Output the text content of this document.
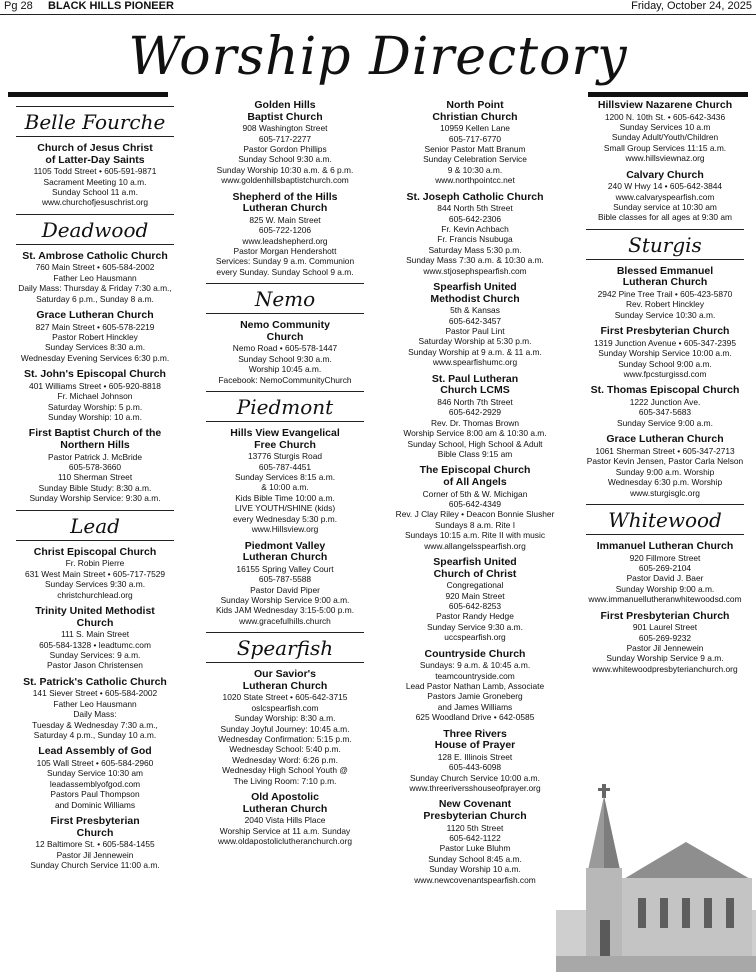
Pg 28 BLACK HILLS PIONEER	Friday, October 24, 2025
Worship Directory
Belle Fourche
Church of Jesus Christ
of Latter-Day Saints
1105 Todd Street • 605-591-9871
Sacrament Meeting 10 a.m.
Sunday School 11 a.m.
www.churchofjesuschrist.org
Deadwood
St. Ambrose Catholic Church
760 Main Street • 605-584-2002
Father Leo Hausmann
Daily Mass: Thursday & Friday 7:30 a.m.,
Saturday 6 p.m., Sunday 8 a.m.
Grace Lutheran Church
827 Main Street • 605-578-2219
Pastor Robert Hinckley
Sunday Services 8:30 a.m.
Wednesday Evening Services 6:30 p.m.
St. John's Episcopal Church
401 Williams Street • 605-920-8818
Fr. Michael Johnson
Saturday Worship: 5 p.m.
Sunday Worship: 10 a.m.
First Baptist Church of the
Northern Hills
Pastor Patrick J. McBride
605-578-3660
110 Sherman Street
Sunday Bible Study: 8:30 a.m.
Sunday Worship Service: 9:30 a.m.
Lead
Christ Episcopal Church
Fr. Robin Pierre
631 West Main Street • 605-717-7529
Sunday Services 9:30 a.m.
christchurchlead.org
Trinity United Methodist
Church
111 S. Main Street
605-584-1328 • leadtumc.com
Sunday Services: 9 a.m.
Pastor Jason Christensen
St. Patrick's Catholic Church
141 Siever Street • 605-584-2002
Father Leo Hausmann
Daily Mass:
Tuesday & Wednesday 7:30 a.m.,
Saturday 4 p.m., Sunday 10 a.m.
Lead Assembly of God
105 Wall Street • 605-584-2960
Sunday Service 10:30 am
leadassemblyofgod.com
Pastors Paul Thompson
and Dominic Williams
First Presbyterian
Church
12 Baltimore St. • 605-584-1455
Pastor Jil Jennewein
Sunday Church Service 11:00 a.m.
Golden Hills
Baptist Church
908 Washington Street
605-717-2277
Pastor Gordon Phillips
Sunday School 9:30 a.m.
Sunday Worship 10:30 a.m. & 6 p.m.
www.goldenhillsbaptistchurch.com
Shepherd of the Hills
Lutheran Church
825 W. Main Street
605-722-1206
www.leadshepherd.org
Pastor Morgan Hendershott
Services: Sunday 9 a.m. Communion
every Sunday. Sunday School 9 a.m.
Nemo
Nemo Community
Church
Nemo Road • 605-578-1447
Sunday School 9:30 a.m.
Worship 10:45 a.m.
Facebook: NemoCommunityChurch
Piedmont
Hills View Evangelical
Free Church
13776 Sturgis Road
605-787-4451
Sunday Services 8:15 a.m.
& 10:00 a.m.
Kids Bible Time 10:00 a.m.
LIVE YOUTH/SHINE (kids)
every Wednesday 5:30 p.m.
www.Hillsview.org
Piedmont Valley
Lutheran Church
16155 Spring Valley Court
605-787-5588
Pastor David Piper
Sunday Worship Service 9:00 a.m.
Kids JAM Wednesday 3:15-5:00 p.m.
www.gracefulhills.church
Spearfish
Our Savior's
Lutheran Church
1020 State Street • 605-642-3715
oslcspearfish.com
Sunday Worship: 8:30 a.m.
Sunday Joyful Journey: 10:45 a.m.
Wednesday Confirmation: 5:15 p.m.
Wednesday School: 5:40 p.m.
Wednesday Word: 6:26 p.m.
Wednesday High School Youth @
The Living Room: 7:10 p.m.
Old Apostolic
Lutheran Church
2040 Vista Hills Place
Worship Service at 11 a.m. Sunday
www.oldapostoliclutheranchurch.org
North Point
Christian Church
10959 Kellen Lane
605-717-6770
Senior Pastor Matt Branum
Sunday Celebration Service
9 & 10:30 a.m.
www.northpointcc.net
St. Joseph Catholic Church
844 North 5th Street
605-642-2306
Fr. Kevin Achbach
Fr. Francis Nsubuga
Saturday Mass 5:30 p.m.
Sunday Mass 7:30 a.m. & 10:30 a.m.
www.stjosephspearfish.com
Spearfish United
Methodist Church
5th & Kansas
605-642-3457
Pastor Paul Lint
Saturday Worship at 5:30 p.m.
Sunday Worship at 9 a.m. & 11 a.m.
www.spearfishumc.org
St. Paul Lutheran
Church LCMS
846 North 7th Street
605-642-2929
Rev. Dr. Thomas Brown
Worship Service 8:00 am & 10:30 a.m.
Sunday School, High School & Adult
Bible Class 9:15 am
The Episcopal Church
of All Angels
Corner of 5th & W. Michigan
605-642-4349
Rev. J Clay Riley • Deacon Bonnie Slusher
Sundays 8 a.m. Rite I
Sundays 10:15 a.m. Rite II with music
www.allangelsspearfish.org
Spearfish United
Church of Christ
Congregational
920 Main Street
605-642-8253
Pastor Randy Hedge
Sunday Service 9:30 a.m.
uccspearfish.org
Countryside Church
Sundays: 9 a.m. & 10:45 a.m.
teamcountryside.com
Lead Pastor Nathan Lamb, Associate
Pastors Jamie Groneberg
and James Williams
625 Woodland Drive • 642-0585
Three Rivers
House of Prayer
128 E. Illinois Street
605-443-6098
Sunday Church Service 10:00 a.m.
www.threeriversshouseofprayer.org
New Covenant
Presbyterian Church
1120 5th Street
605-642-1122
Pastor Luke Bluhm
Sunday School 8:45 a.m.
Sunday Worship 10 a.m.
www.newcovenantspearfish.com
Hillsview Nazarene Church
1200 N. 10th St. • 605-642-3436
Sunday Services 10 a.m
Sunday Adult/Youth/Children
Small Group Services 11:15 a.m.
www.hillsviewnaz.org
Calvary Church
240 W Hwy 14 • 605-642-3844
www.calvaryspearfish.com
Sunday service at 10:30 am
Bible classes for all ages at 9:30 am
Sturgis
Blessed Emmanuel
Lutheran Church
2942 Pine Tree Trail • 605-423-5870
Rev. Robert Hinckley
Sunday Service 10:30 a.m.
First Presbyterian Church
1319 Junction Avenue • 605-347-2395
Sunday Worship Service 10:00 a.m.
Sunday School 9:00 a.m.
www.fpcsturgissd.com
St. Thomas Episcopal Church
1222 Junction Ave.
605-347-5683
Sunday Service 9:00 a.m.
Grace Lutheran Church
1061 Sherman Street • 605-347-2713
Pastor Kevin Jensen, Pastor Carla Nelson
Sunday 9:00 a.m. Worship
Wednesday 6:30 p.m. Worship
www.sturgisglc.org
Whitewood
Immanuel Lutheran Church
920 Fillmore Street
605-269-2104
Pastor David J. Baer
Sunday Worship 9:00 a.m.
www.immanuellutheranwhitewoodsd.com
First Presbyterian Church
901 Laurel Street
605-269-9232
Pastor Jil Jennewein
Sunday Worship Service 9 a.m.
www.whitewoodpresbyterianchurch.org
